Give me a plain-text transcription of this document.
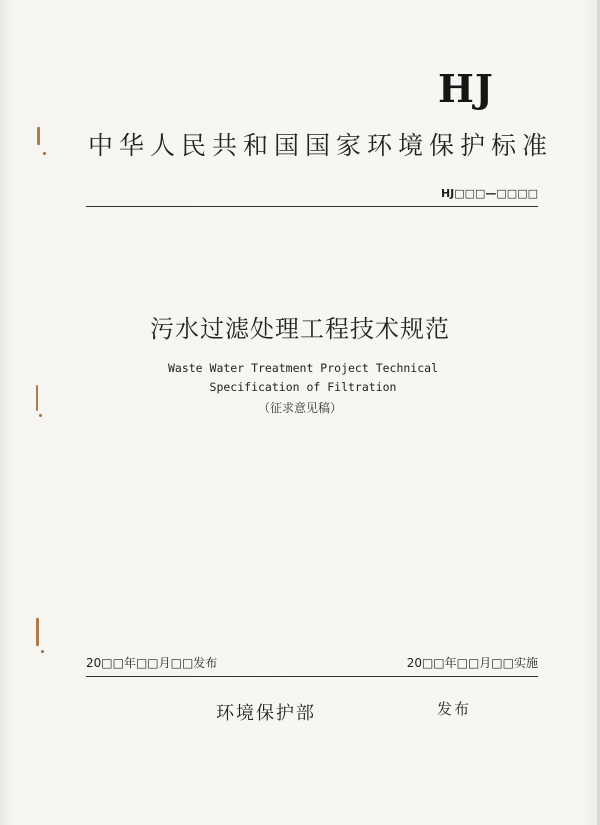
HJ
中华人民共和国国家环境保护标准
HJ□□□—□□□□
污水过滤处理工程技术规范
Waste Water Treatment Project Technical
Specification of Filtration
（征求意见稿）
20□□年□□月□□发布	20□□年□□月□□实施
环境保护部	发布
